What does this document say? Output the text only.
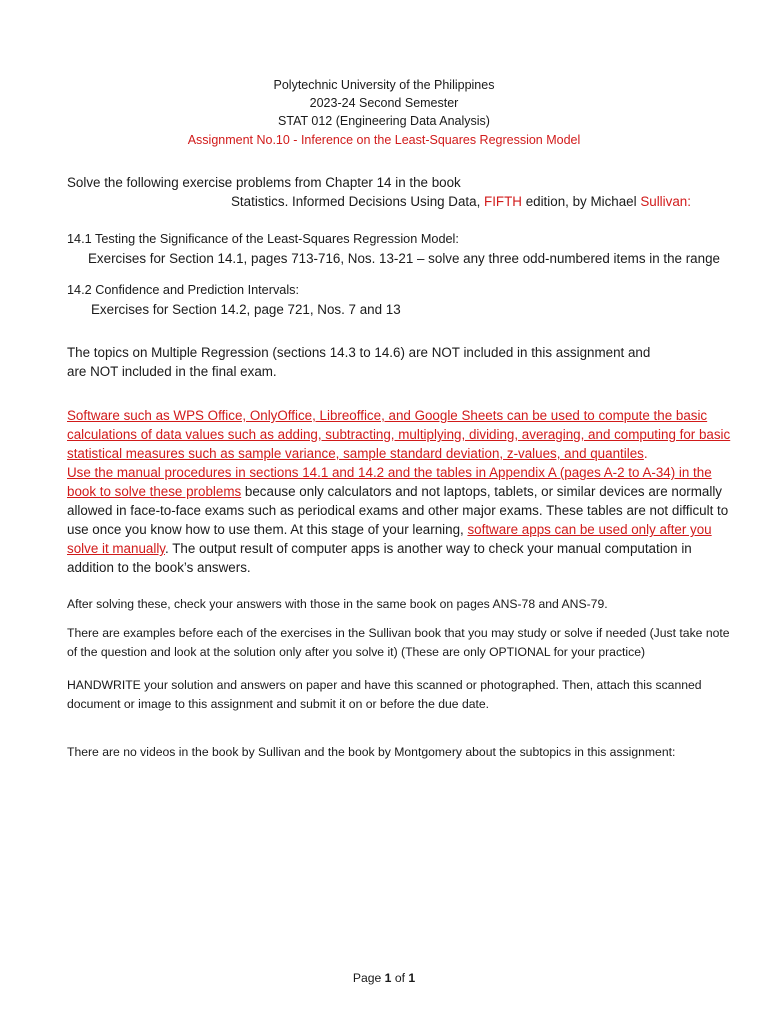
Polytechnic University of the Philippines
2023-24 Second Semester
STAT 012 (Engineering Data Analysis)
Assignment No.10 - Inference on the Least-Squares Regression Model
Solve the following exercise problems from Chapter 14 in the book
Statistics. Informed Decisions Using Data, FIFTH edition, by Michael Sullivan:
14.1 Testing the Significance of the Least-Squares Regression Model:
Exercises for Section 14.1, pages 713-716, Nos. 13-21 – solve any three odd-numbered items in the range
14.2 Confidence and Prediction Intervals:
Exercises for Section 14.2, page 721, Nos. 7 and 13
The topics on Multiple Regression (sections 14.3 to 14.6) are NOT included in this assignment and are NOT included in the final exam.
Software such as WPS Office, OnlyOffice, Libreoffice, and Google Sheets can be used to compute the basic calculations of data values such as adding, subtracting, multiplying, dividing, averaging, and computing for basic statistical measures such as sample variance, sample standard deviation, z-values, and quantiles.
Use the manual procedures in sections 14.1 and 14.2 and the tables in Appendix A (pages A-2 to A-34) in the book to solve these problems because only calculators and not laptops, tablets, or similar devices are normally allowed in face-to-face exams such as periodical exams and other major exams. These tables are not difficult to use once you know how to use them. At this stage of your learning, software apps can be used only after you solve it manually. The output result of computer apps is another way to check your manual computation in addition to the book’s answers.
After solving these, check your answers with those in the same book on pages ANS-78 and ANS-79.
There are examples before each of the exercises in the Sullivan book that you may study or solve if needed (Just take note of the question and look at the solution only after you solve it) (These are only OPTIONAL for your practice)
HANDWRITE your solution and answers on paper and have this scanned or photographed. Then, attach this scanned document or image to this assignment and submit it on or before the due date.
There are no videos in the book by Sullivan and the book by Montgomery about the subtopics in this assignment:
Page 1 of 1
